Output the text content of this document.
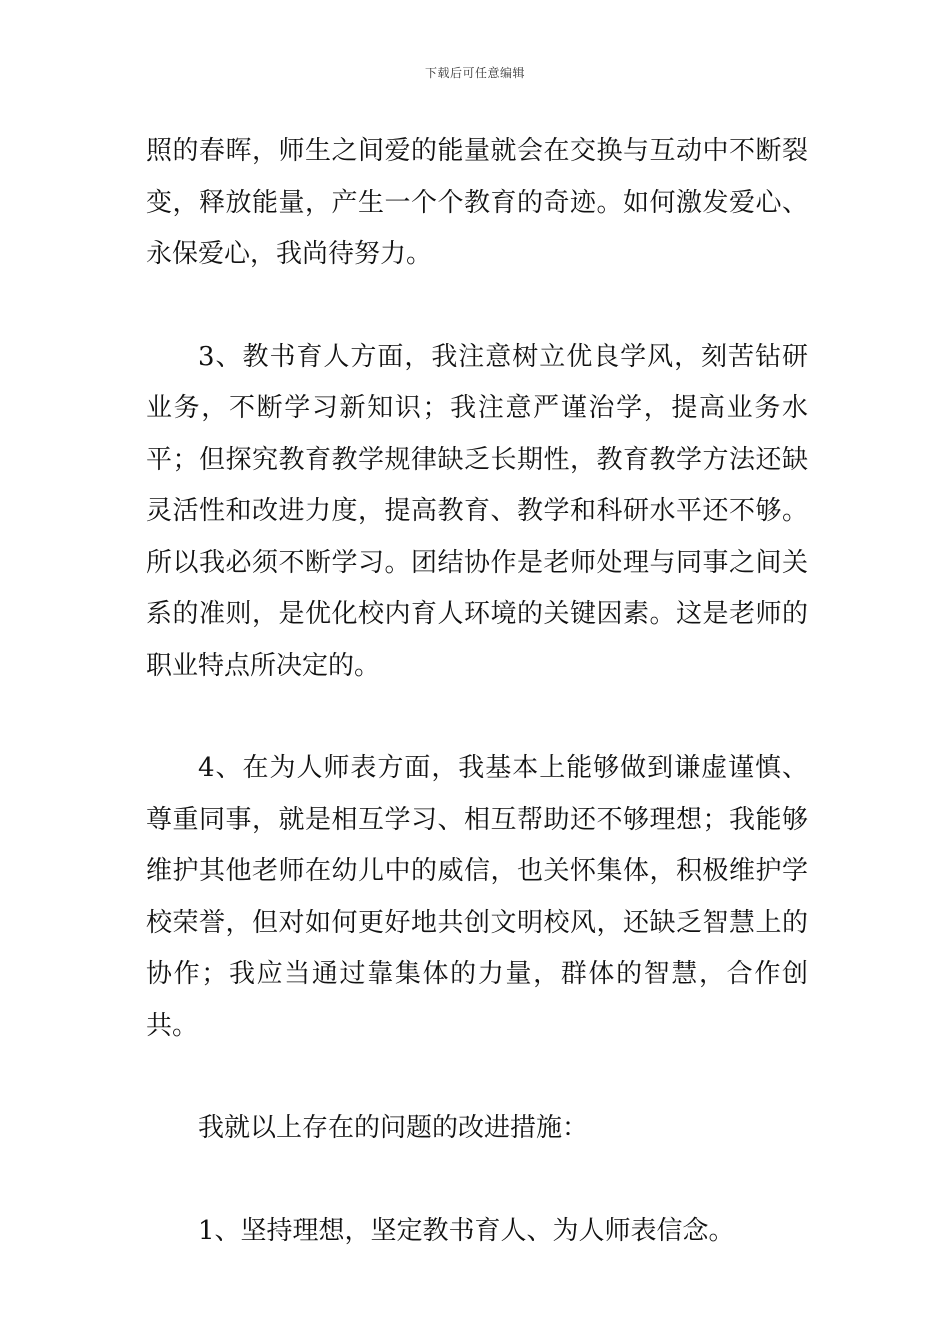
下载后可任意编辑

照的春晖，师生之间爱的能量就会在交换与互动中不断裂变，释放能量，产生一个个教育的奇迹。如何激发爱心、永保爱心，我尚待努力。

3、教书育人方面，我注意树立优良学风，刻苦钻研业务，不断学习新知识；我注意严谨治学，提高业务水平；但探究教育教学规律缺乏长期性，教育教学方法还缺灵活性和改进力度，提高教育、教学和科研水平还不够。所以我必须不断学习。团结协作是老师处理与同事之间关系的准则，是优化校内育人环境的关键因素。这是老师的职业特点所决定的。

4、在为人师表方面，我基本上能够做到谦虚谨慎、尊重同事，就是相互学习、相互帮助还不够理想；我能够维护其他老师在幼儿中的威信，也关怀集体，积极维护学校荣誉，但对如何更好地共创文明校风，还缺乏智慧上的协作；我应当通过靠集体的力量，群体的智慧，合作创共。

我就以上存在的问题的改进措施：

1、坚持理想，坚定教书育人、为人师表信念。
